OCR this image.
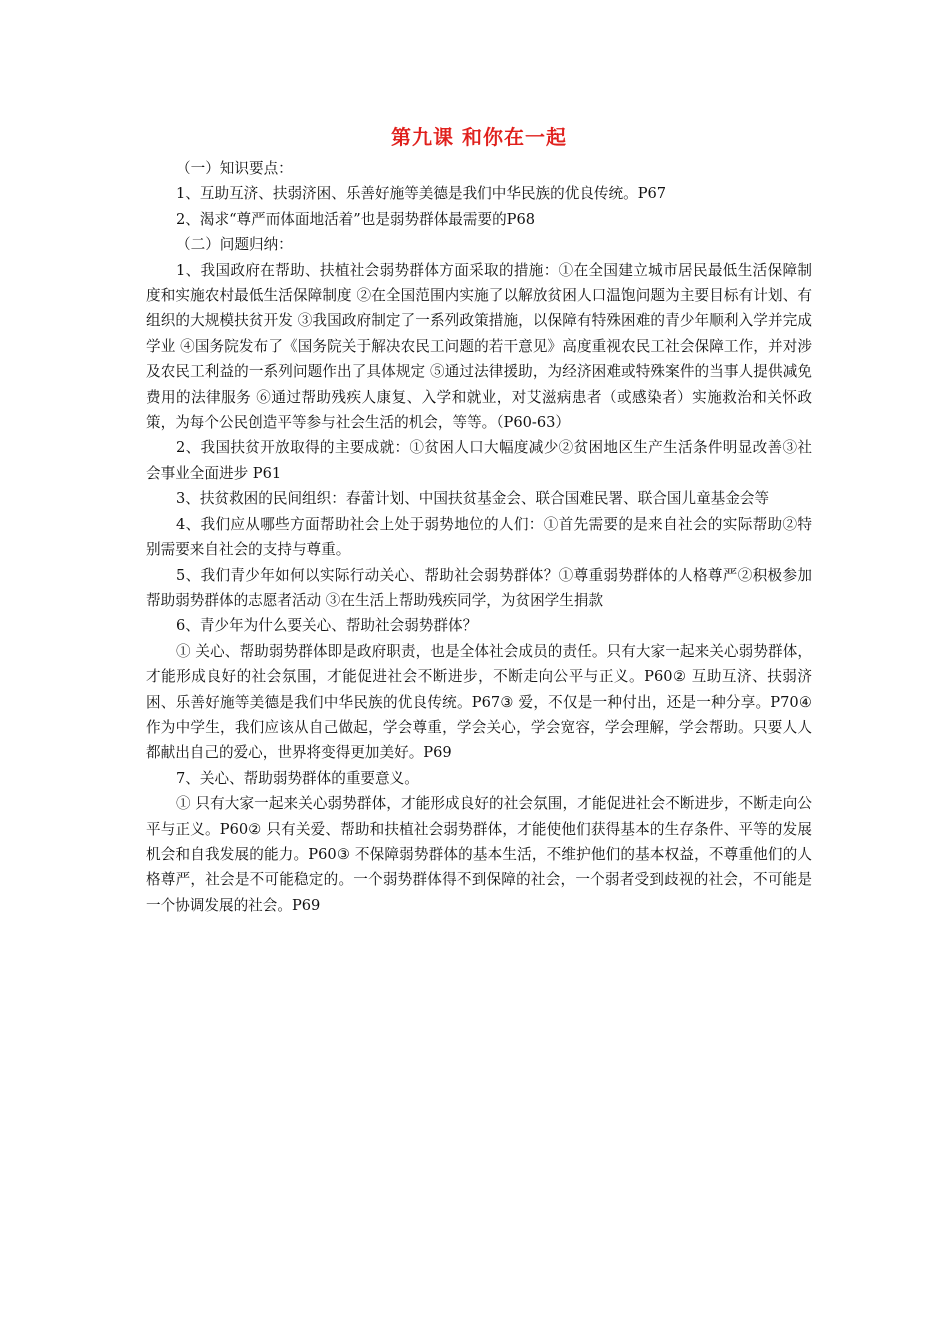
第九课 和你在一起

（一）知识要点：

1、互助互济、扶弱济困、乐善好施等美德是我们中华民族的优良传统。P67

2、渴求“尊严而体面地活着”也是弱势群体最需要的P68

（二）问题归纳：

1、我国政府在帮助、扶植社会弱势群体方面采取的措施：①在全国建立城市居民最低生活保障制度和实施农村最低生活保障制度 ②在全国范围内实施了以解放贫困人口温饱问题为主要目标有计划、有组织的大规模扶贫开发 ③我国政府制定了一系列政策措施，以保障有特殊困难的青少年顺利入学并完成学业 ④国务院发布了《国务院关于解决农民工问题的若干意见》高度重视农民工社会保障工作，并对涉及农民工利益的一系列问题作出了具体规定 ⑤通过法律援助，为经济困难或特殊案件的当事人提供减免费用的法律服务 ⑥通过帮助残疾人康复、入学和就业，对艾滋病患者（或感染者）实施救治和关怀政策，为每个公民创造平等参与社会生活的机会，等等。（P60-63）

2、我国扶贫开放取得的主要成就：①贫困人口大幅度减少②贫困地区生产生活条件明显改善③社会事业全面进步 P61

3、扶贫救困的民间组织：春蕾计划、中国扶贫基金会、联合国难民署、联合国儿童基金会等

4、我们应从哪些方面帮助社会上处于弱势地位的人们：①首先需要的是来自社会的实际帮助②特别需要来自社会的支持与尊重。

5、我们青少年如何以实际行动关心、帮助社会弱势群体？①尊重弱势群体的人格尊严②积极参加帮助弱势群体的志愿者活动 ③在生活上帮助残疾同学，为贫困学生捐款

6、青少年为什么要关心、帮助社会弱势群体？

① 关心、帮助弱势群体即是政府职责，也是全体社会成员的责任。只有大家一起来关心弱势群体，才能形成良好的社会氛围，才能促进社会不断进步，不断走向公平与正义。P60② 互助互济、扶弱济困、乐善好施等美德是我们中华民族的优良传统。P67③ 爱，不仅是一种付出，还是一种分享。P70④ 作为中学生，我们应该从自己做起，学会尊重，学会关心，学会宽容，学会理解，学会帮助。只要人人都献出自己的爱心，世界将变得更加美好。P69

7、关心、帮助弱势群体的重要意义。

① 只有大家一起来关心弱势群体，才能形成良好的社会氛围，才能促进社会不断进步，不断走向公平与正义。P60② 只有关爱、帮助和扶植社会弱势群体，才能使他们获得基本的生存条件、平等的发展机会和自我发展的能力。P60③ 不保障弱势群体的基本生活，不维护他们的基本权益，不尊重他们的人格尊严，社会是不可能稳定的。一个弱势群体得不到保障的社会，一个弱者受到歧视的社会，不可能是一个协调发展的社会。P69
